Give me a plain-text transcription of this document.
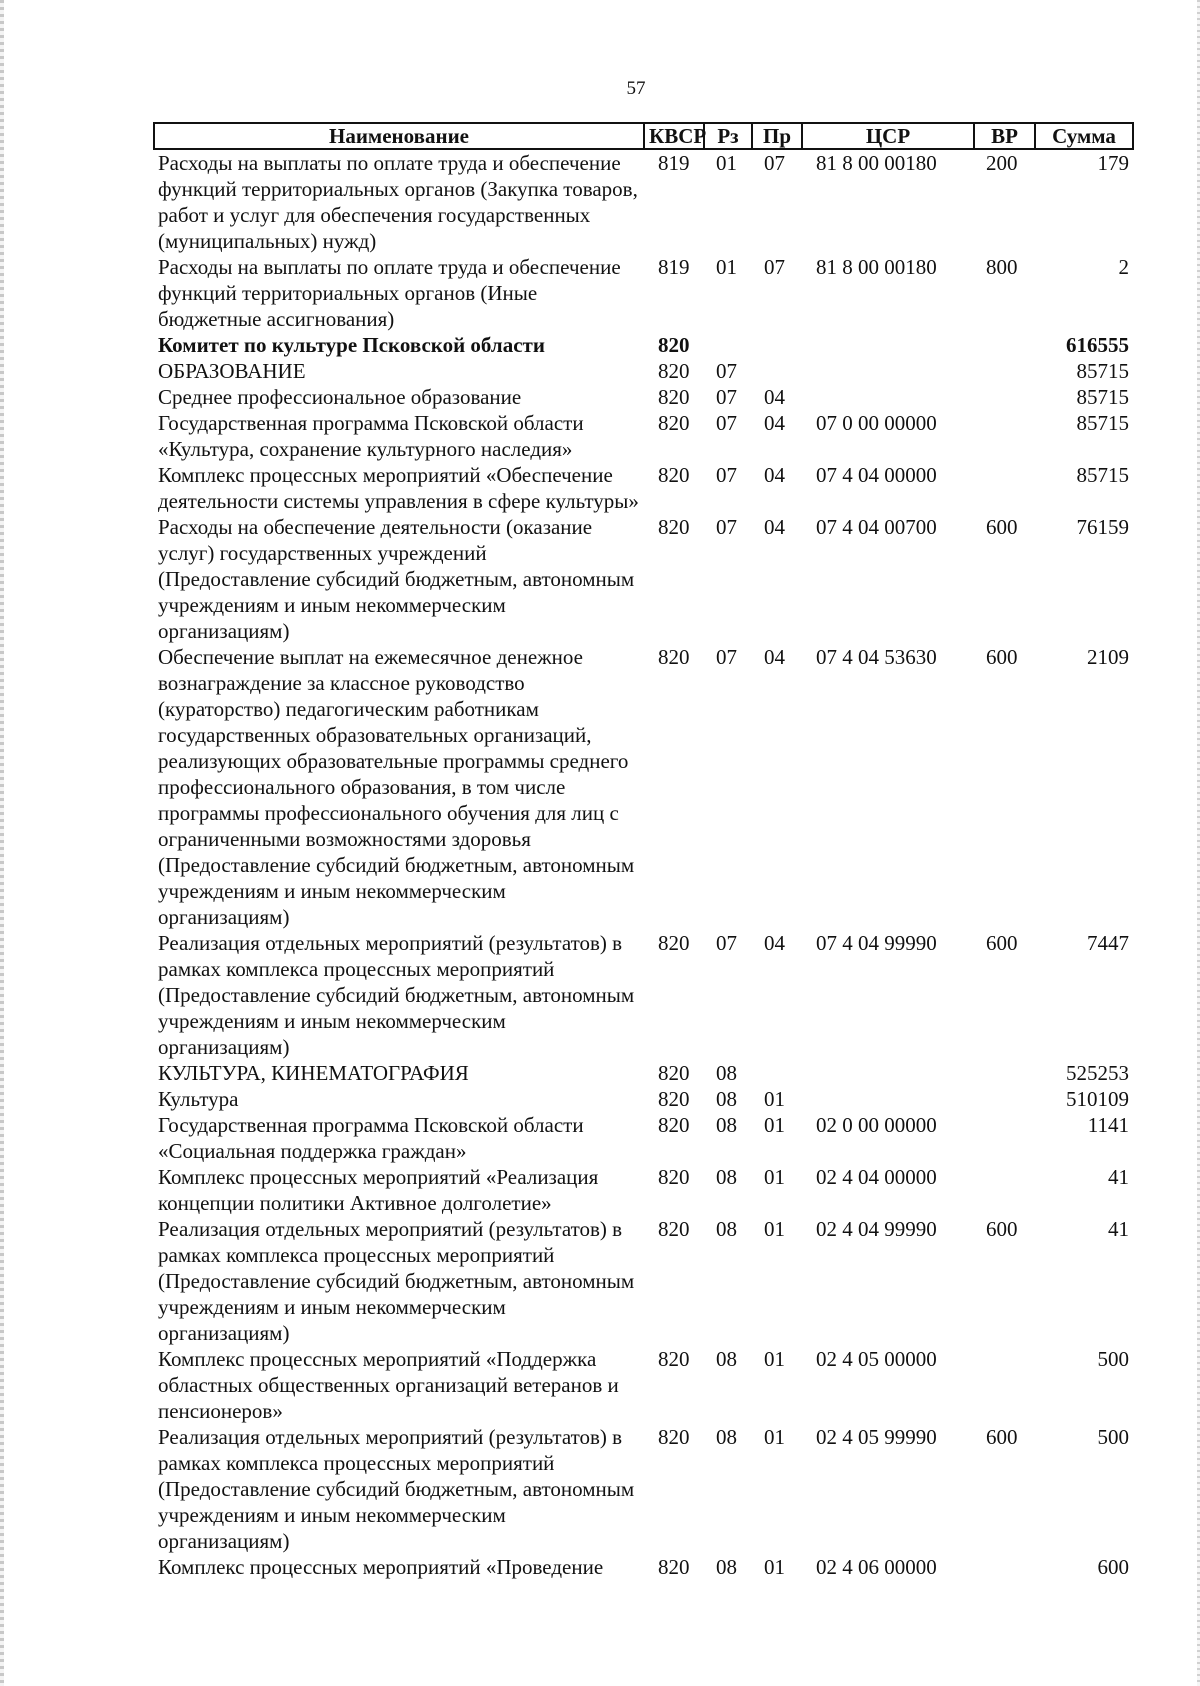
57
Наименование	КВСР	Рз	Пр	ЦСР	ВР	Сумма
Расходы на выплаты по оплате труда и обеспечение функций территориальных органов (Закупка товаров, работ и услуг для обеспечения государственных (муниципальных) нужд)	819	01	07	81 8 00 00180	200	179
Расходы на выплаты по оплате труда и обеспечение функций территориальных органов (Иные бюджетные ассигнования)	819	01	07	81 8 00 00180	800	2
Комитет по культуре Псковской области	820					616555
ОБРАЗОВАНИЕ	820	07				85715
Среднее профессиональное образование	820	07	04			85715
Государственная программа Псковской области «Культура, сохранение культурного наследия»	820	07	04	07 0 00 00000		85715
Комплекс процессных мероприятий «Обеспечение деятельности системы управления в сфере культуры»	820	07	04	07 4 04 00000		85715
Расходы на обеспечение деятельности (оказание услуг) государственных учреждений (Предоставление субсидий бюджетным, автономным учреждениям и иным некоммерческим организациям)	820	07	04	07 4 04 00700	600	76159
Обеспечение выплат на ежемесячное денежное вознаграждение за классное руководство (кураторство) педагогическим работникам государственных образовательных организаций, реализующих образовательные программы среднего профессионального образования, в том числе программы профессионального обучения для лиц с ограниченными возможностями здоровья (Предоставление субсидий бюджетным, автономным учреждениям и иным некоммерческим организациям)	820	07	04	07 4 04 53630	600	2109
Реализация отдельных мероприятий (результатов) в рамках комплекса процессных мероприятий (Предоставление субсидий бюджетным, автономным учреждениям и иным некоммерческим организациям)	820	07	04	07 4 04 99990	600	7447
КУЛЬТУРА, КИНЕМАТОГРАФИЯ	820	08				525253
Культура	820	08	01			510109
Государственная программа Псковской области «Социальная поддержка граждан»	820	08	01	02 0 00 00000		1141
Комплекс процессных мероприятий «Реализация концепции политики Активное долголетие»	820	08	01	02 4 04 00000		41
Реализация отдельных мероприятий (результатов) в рамках комплекса процессных мероприятий (Предоставление субсидий бюджетным, автономным учреждениям и иным некоммерческим организациям)	820	08	01	02 4 04 99990	600	41
Комплекс процессных мероприятий «Поддержка областных общественных организаций ветеранов и пенсионеров»	820	08	01	02 4 05 00000		500
Реализация отдельных мероприятий (результатов) в рамках комплекса процессных мероприятий (Предоставление субсидий бюджетным, автономным учреждениям и иным некоммерческим организациям)	820	08	01	02 4 05 99990	600	500
Комплекс процессных мероприятий «Проведение	820	08	01	02 4 06 00000		600
